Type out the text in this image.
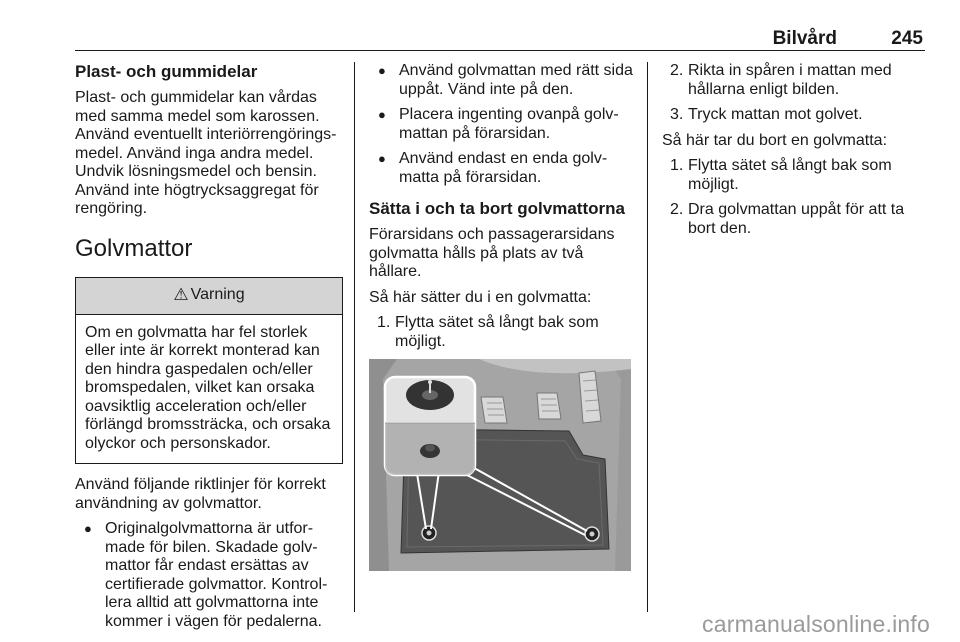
Bilvård	245
Plast- och gummidelar

Plast- och gummidelar kan vårdas med samma medel som karossen. Använd eventuellt interiörrengörings-medel. Använd inga andra medel. Undvik lösningsmedel och bensin. Använd inte högtrycksaggregat för rengöring.

Golvmattor
⚠ Varning
Om en golvmatta har fel storlek eller inte är korrekt monterad kan den hindra gaspedalen och/eller bromspedalen, vilket kan orsaka oavsiktlig acceleration och/eller förlängd bromssträcka, och orsaka olyckor och personskador.

Använd följande riktlinjer för korrekt användning av golvmattor.

● Originalgolvmattorna är utfor-made för bilen. Skadade golv-mattor får endast ersättas av certifierade golvmattor. Kontrol-lera alltid att golvmattorna inte kommer i vägen för pedalerna.
● Använd golvmattan med rätt sida uppåt. Vänd inte på den.
● Placera ingenting ovanpå golv-mattan på förarsidan.
● Använd endast en enda golv-matta på förarsidan.
Sätta i och ta bort golvmattorna

Förarsidans och passagerarsidans golvmatta hålls på plats av två hållare.

Så här sätter du i en golvmatta:

1. Flytta sätet så långt bak som möjligt.
2. Rikta in spåren i mattan med hållarna enligt bilden.
3. Tryck mattan mot golvet.

Så här tar du bort en golvmatta:

1. Flytta sätet så långt bak som möjligt.
2. Dra golvmattan uppåt för att ta bort den.
carmanualsonline.info
